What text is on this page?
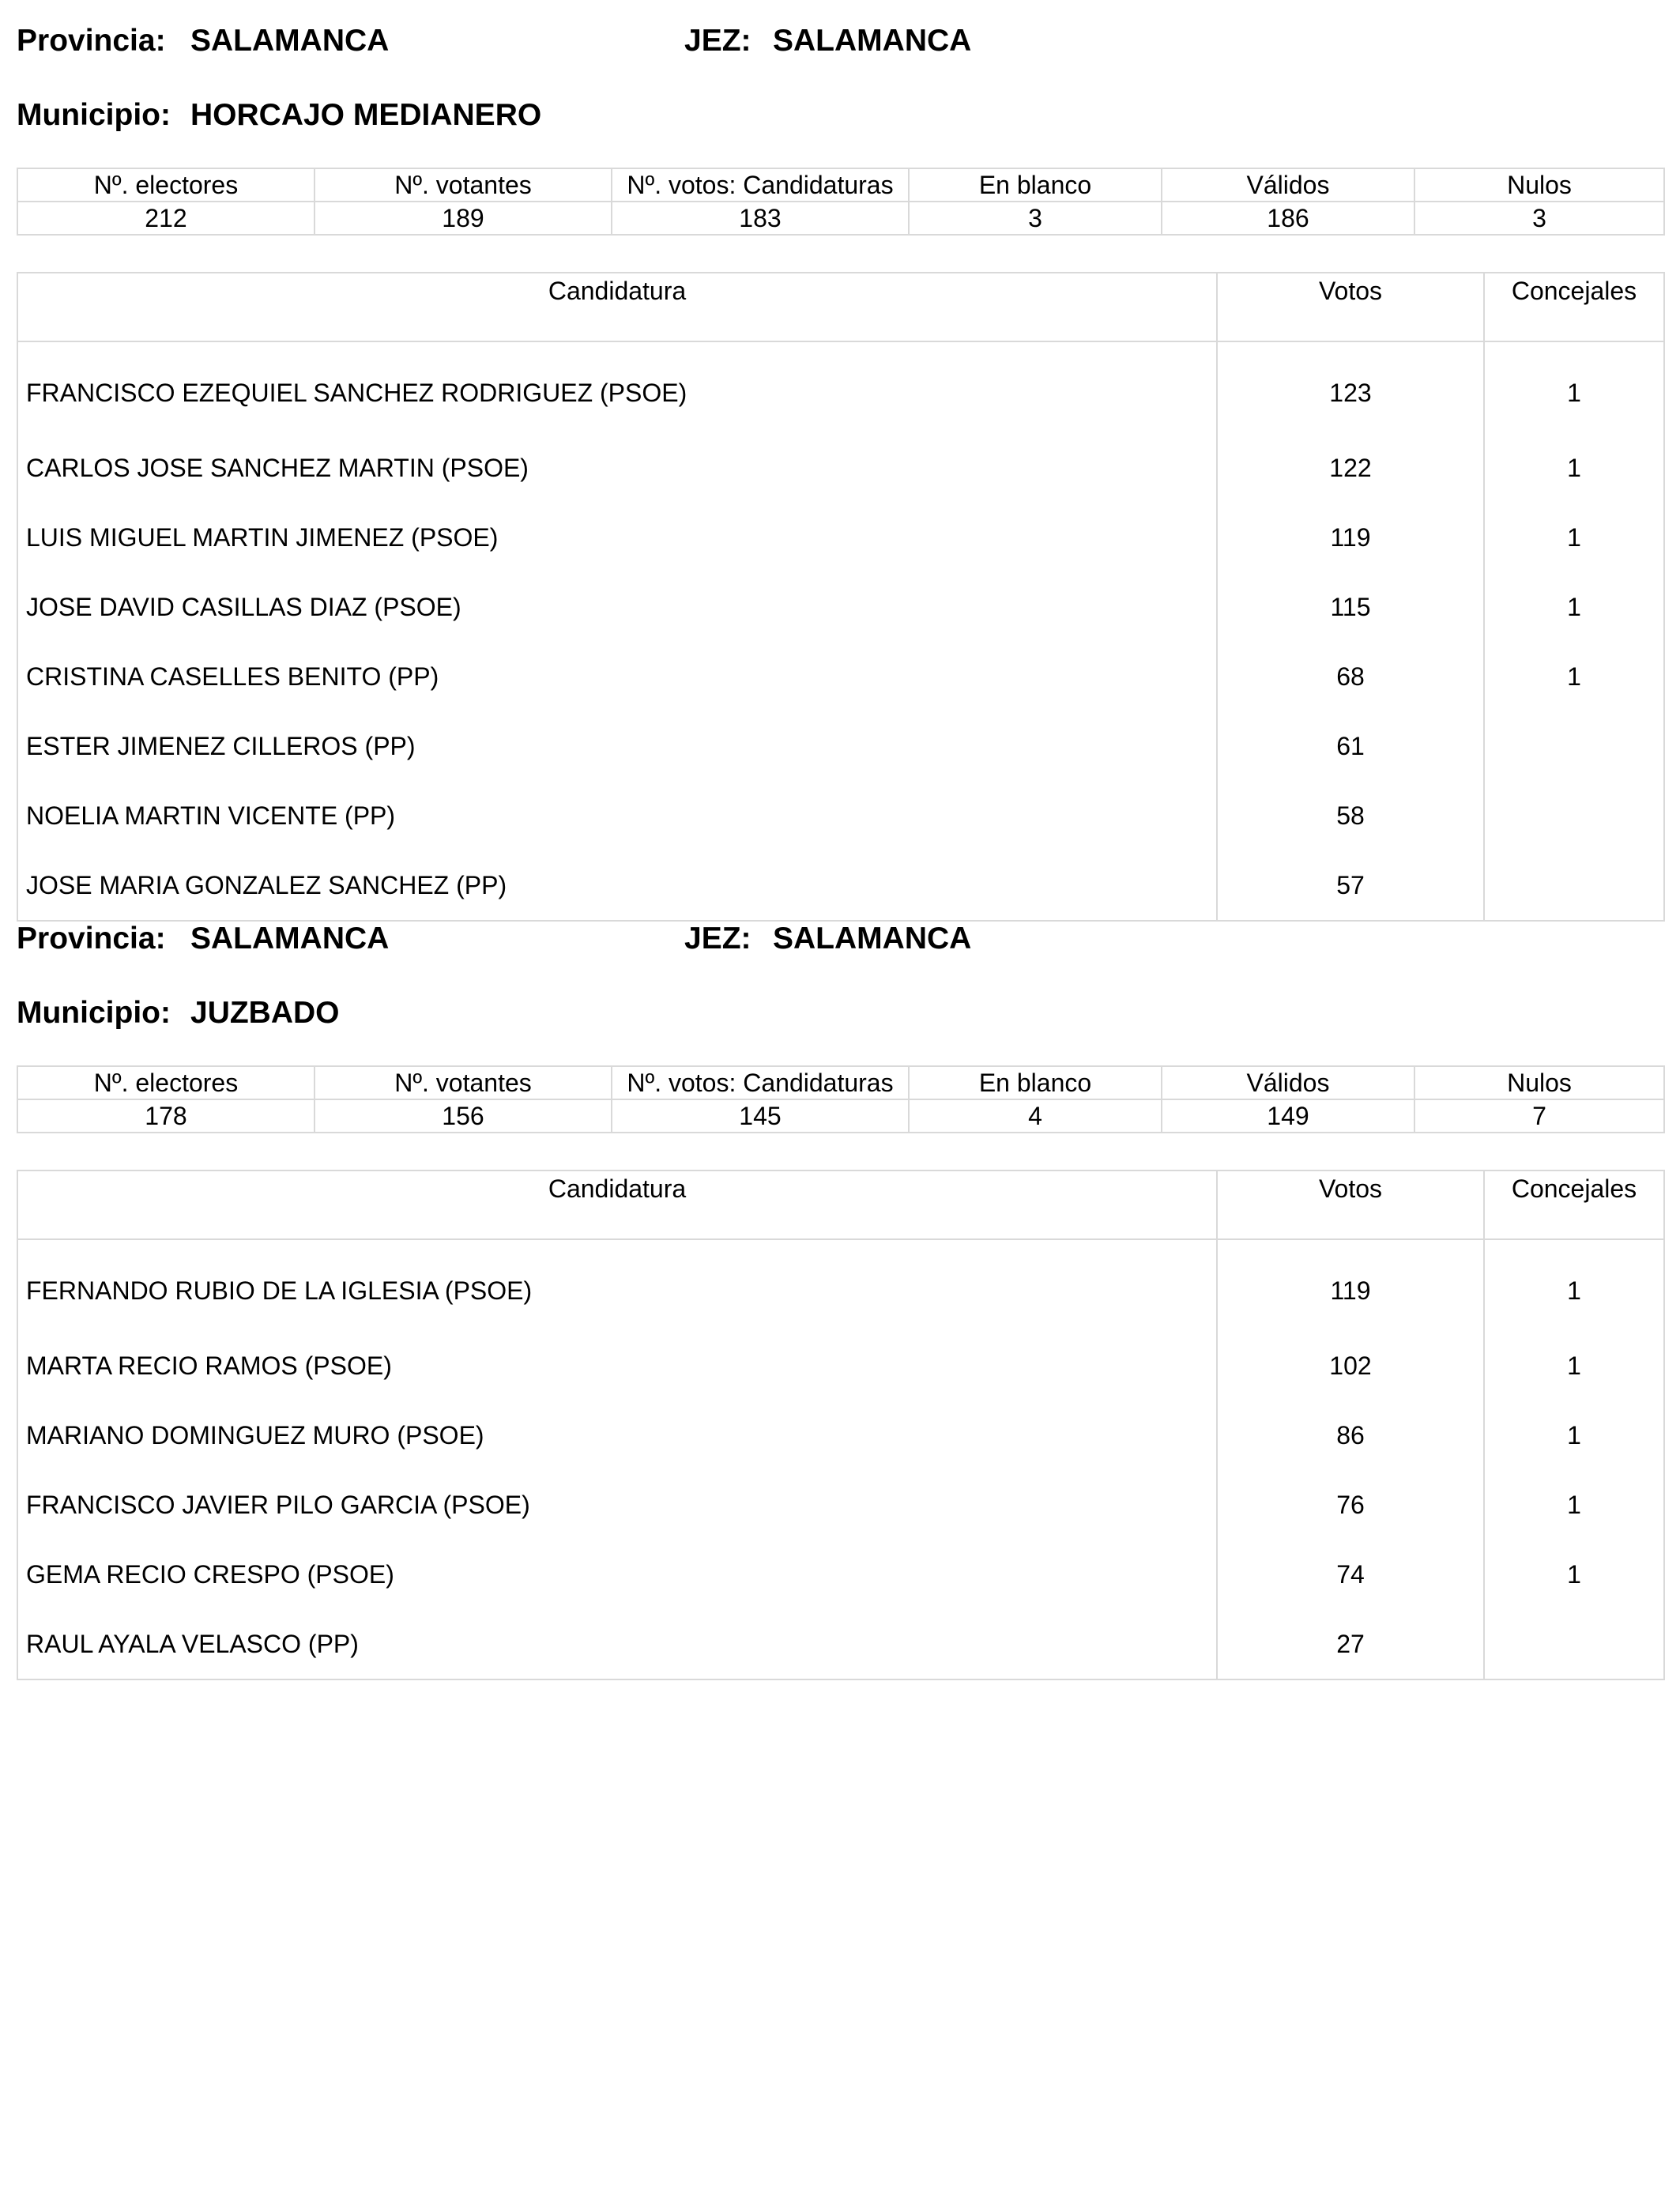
Provincia: SALAMANCA	JEZ: SALAMANCA
Municipio: HORCAJO MEDIANERO
Nº. electores	Nº. votantes	Nº. votos: Candidaturas	En blanco	Válidos	Nulos
212	189	183	3	186	3
Candidatura	Votos	Concejales
FRANCISCO EZEQUIEL SANCHEZ RODRIGUEZ (PSOE)	123	1
CARLOS JOSE SANCHEZ MARTIN (PSOE)	122	1
LUIS MIGUEL MARTIN JIMENEZ (PSOE)	119	1
JOSE DAVID CASILLAS DIAZ (PSOE)	115	1
CRISTINA CASELLES BENITO (PP)	68	1
ESTER JIMENEZ CILLEROS (PP)	61	
NOELIA MARTIN VICENTE (PP)	58	
JOSE MARIA GONZALEZ SANCHEZ (PP)	57	
Provincia: SALAMANCA	JEZ: SALAMANCA
Municipio: JUZBADO
Nº. electores	Nº. votantes	Nº. votos: Candidaturas	En blanco	Válidos	Nulos
178	156	145	4	149	7
Candidatura	Votos	Concejales
FERNANDO RUBIO DE LA IGLESIA (PSOE)	119	1
MARTA RECIO RAMOS (PSOE)	102	1
MARIANO DOMINGUEZ MURO (PSOE)	86	1
FRANCISCO JAVIER PILO GARCIA (PSOE)	76	1
GEMA RECIO CRESPO (PSOE)	74	1
RAUL AYALA VELASCO (PP)	27	
